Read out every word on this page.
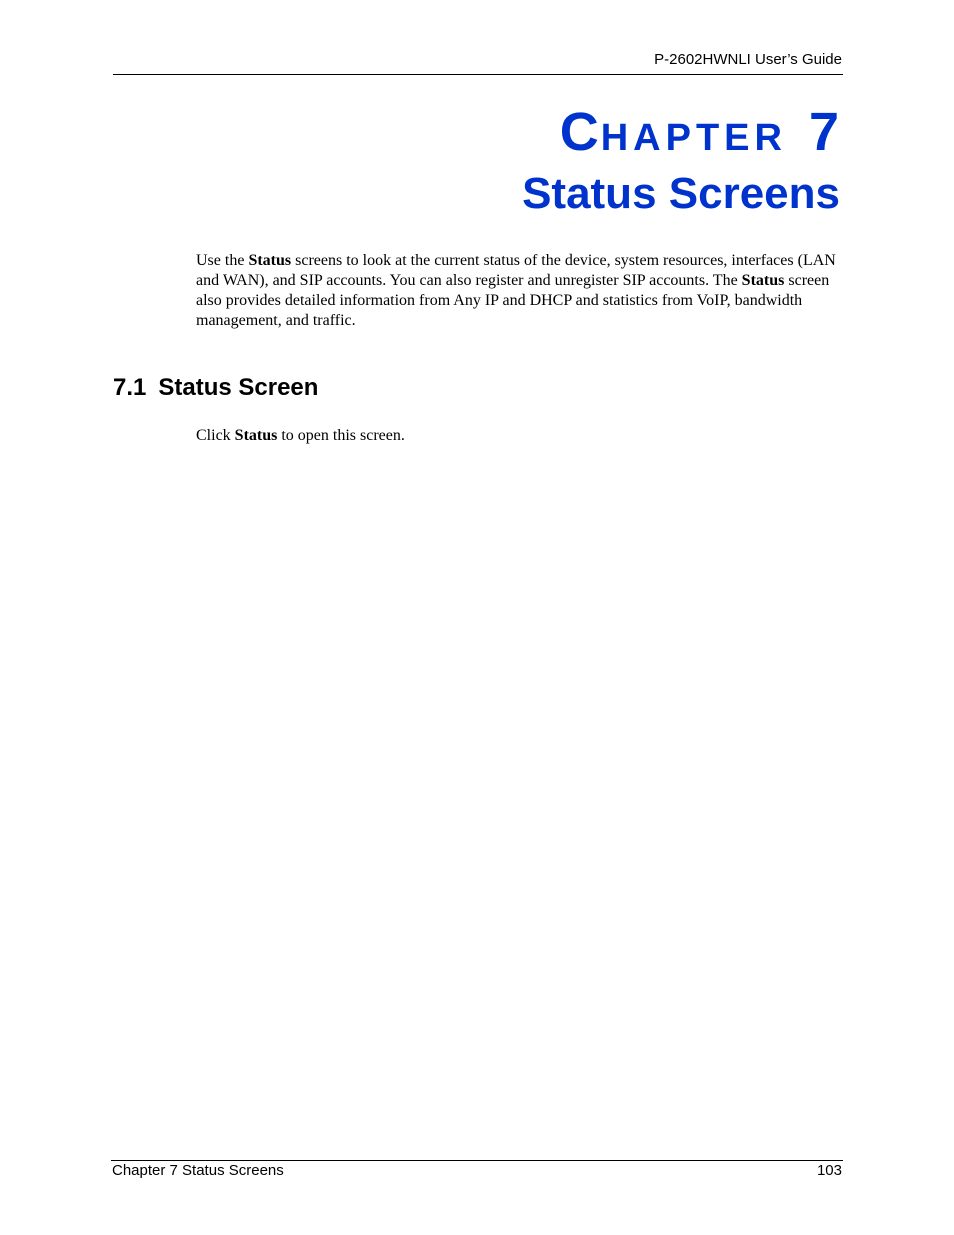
P-2602HWNLI User’s Guide
CHAPTER 7
Status Screens

Use the Status screens to look at the current status of the device, system resources, interfaces (LAN and WAN), and SIP accounts. You can also register and unregister SIP accounts. The Status screen also provides detailed information from Any IP and DHCP and statistics from VoIP, bandwidth management, and traffic.

7.1 Status Screen

Click Status to open this screen.

Chapter 7 Status Screens	103
